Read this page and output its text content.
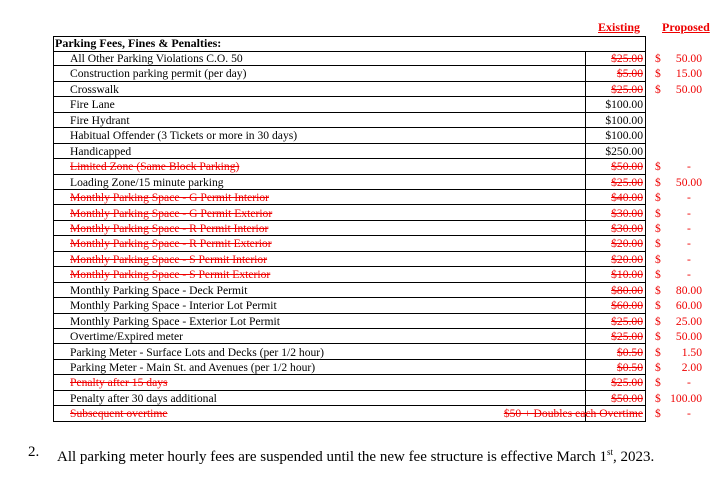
Existing Proposed
All Other Parking Violations C.O. 50	$25.00 $	50.00
Construction parking permit (per day)	$5.00 $	15.00
Crosswalk	$25.00 $	50.00
Fire Lane	$100.00
Fire Hydrant	$100.00
Habitual Offender (3 Tickets or more in 30 days)	$100.00
Handicapped	$250.00
Limited Zone (Same Block Parking)	$50.00 $ -
Loading Zone/15 minute parking	$25.00 $	50.00
Monthly Parking Space - G Permit Interior	$40.00 $ -
Monthly Parking Space - G Permit Exterior	$30.00 $ -
Monthly Parking Space - R Permit Interior	$30.00 $ -
Monthly Parking Space - R Permit Exterior	$20.00 $ -
Monthly Parking Space - S Permit Interior	$20.00 $ -
Monthly Parking Space - S Permit Exterior	$10.00 $ -
Monthly Parking Space - Deck Permit	$80.00 $	80.00
Monthly Parking Space - Interior Lot Permit	$60.00 $	60.00
Monthly Parking Space - Exterior Lot Permit	$25.00 $	25.00
Overtime/Expired meter	$25.00 $	50.00
Parking Meter - Surface Lots and Decks (per 1/2 hour)	$0.50 $	1.50
Parking Meter - Main St. and Avenues (per 1/2 hour)	$0.50 $	2.00
Penalty after 15 days	$25.00 $ -
Penalty after 30 days additional	$50.00 $ 100.00
Subsequent overtime	$50 + Doubles each Overtime $ -
Parking Fees, Fines & Penalties:
2. All parking meter hourly fees are suspended until the new fee structure is effective March 1st, 2023.
